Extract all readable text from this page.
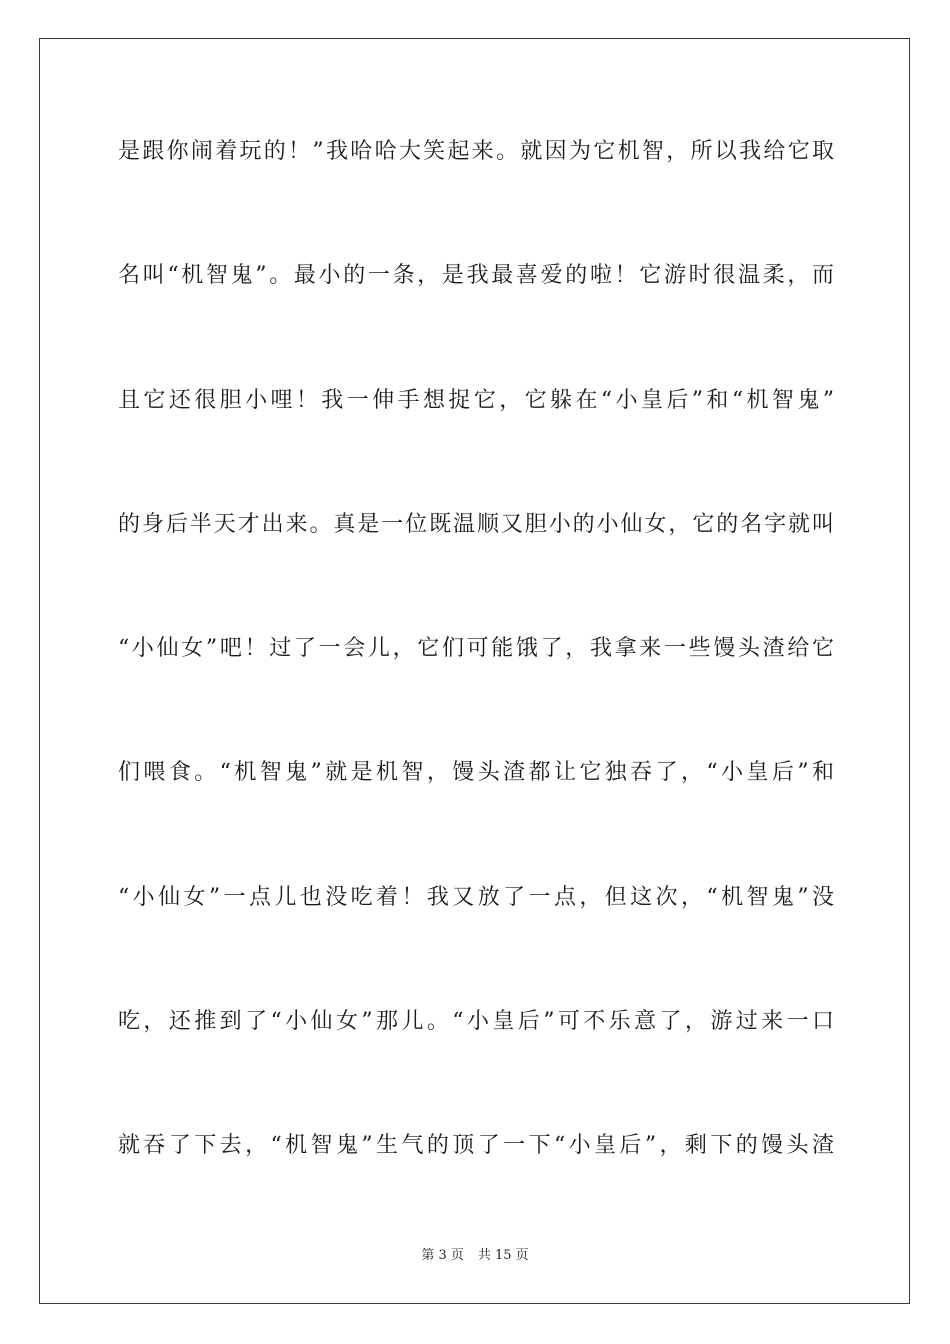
是跟你闹着玩的！”我哈哈大笑起来。就因为它机智，所以我给它取
名叫“机智鬼”。最小的一条，是我最喜爱的啦！它游时很温柔，而
且它还很胆小哩！我一伸手想捉它，它躲在“小皇后”和“机智鬼”
的身后半天才出来。真是一位既温顺又胆小的小仙女，它的名字就叫
“小仙女”吧！过了一会儿，它们可能饿了，我拿来一些馒头渣给它
们喂食。“机智鬼”就是机智，馒头渣都让它独吞了，“小皇后”和
“小仙女”一点儿也没吃着！我又放了一点，但这次，“机智鬼”没
吃，还推到了“小仙女”那儿。“小皇后”可不乐意了，游过来一口
就吞了下去，“机智鬼”生气的顶了一下“小皇后”，剩下的馒头渣
第 3 页 共 15 页
